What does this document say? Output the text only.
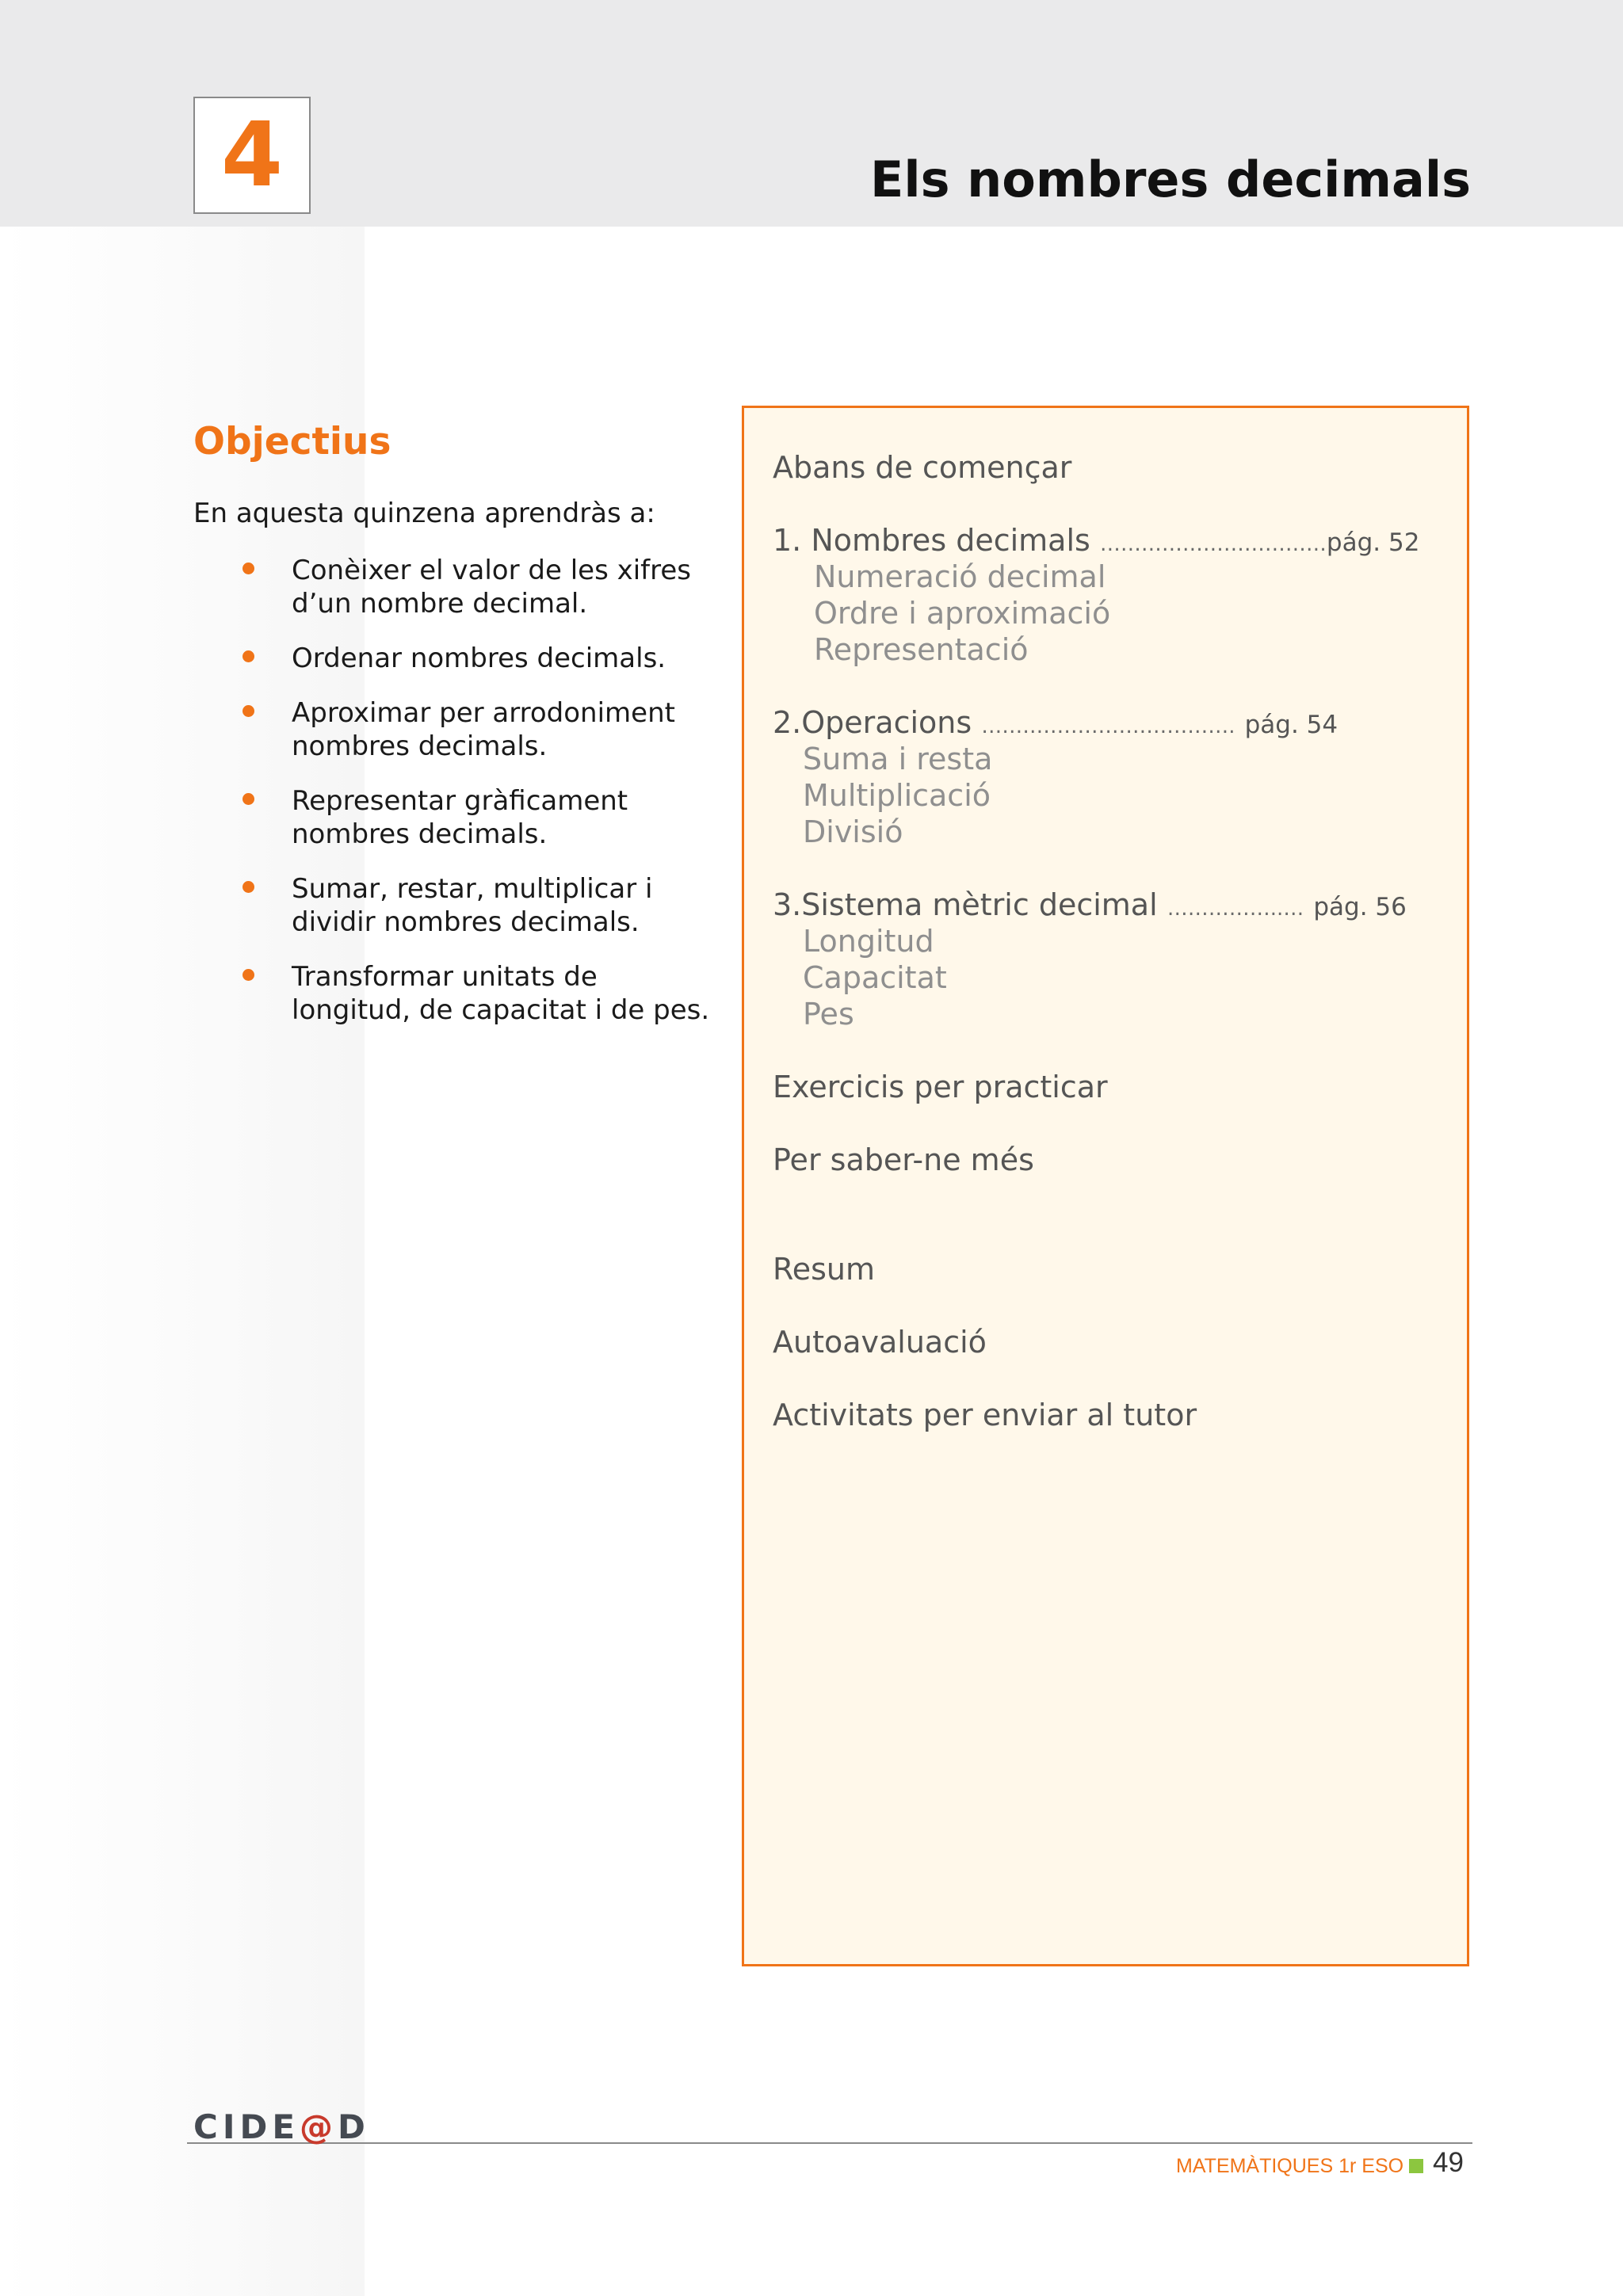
4	Els nombres decimals
Objectius

En aquesta quinzena aprendràs a:

Conèixer el valor de les xifres
d’un nombre decimal.
Ordenar nombres decimals.
Aproximar per arrodoniment
nombres decimals.
Representar gràficament
nombres decimals.
Sumar, restar, multiplicar i
dividir nombres decimals.
Transformar unitats de
longitud, de capacitat i de pes.
Abans de començar
1. Nombres decimals ……………………………pág. 52
Numeració decimal
Ordre i aproximació
Representació
2.Operacions ………………………………. pág. 54
Suma i resta
Multiplicació
Divisió
3.Sistema mètric decimal ……………..… pág. 56
Longitud
Capacitat
Pes
Exercicis per practicar
Per saber-ne més
Resum
Autoavaluació
Activitats per enviar al tutor
CIDE@D
MATEMÀTIQUES 1r ESO 49
